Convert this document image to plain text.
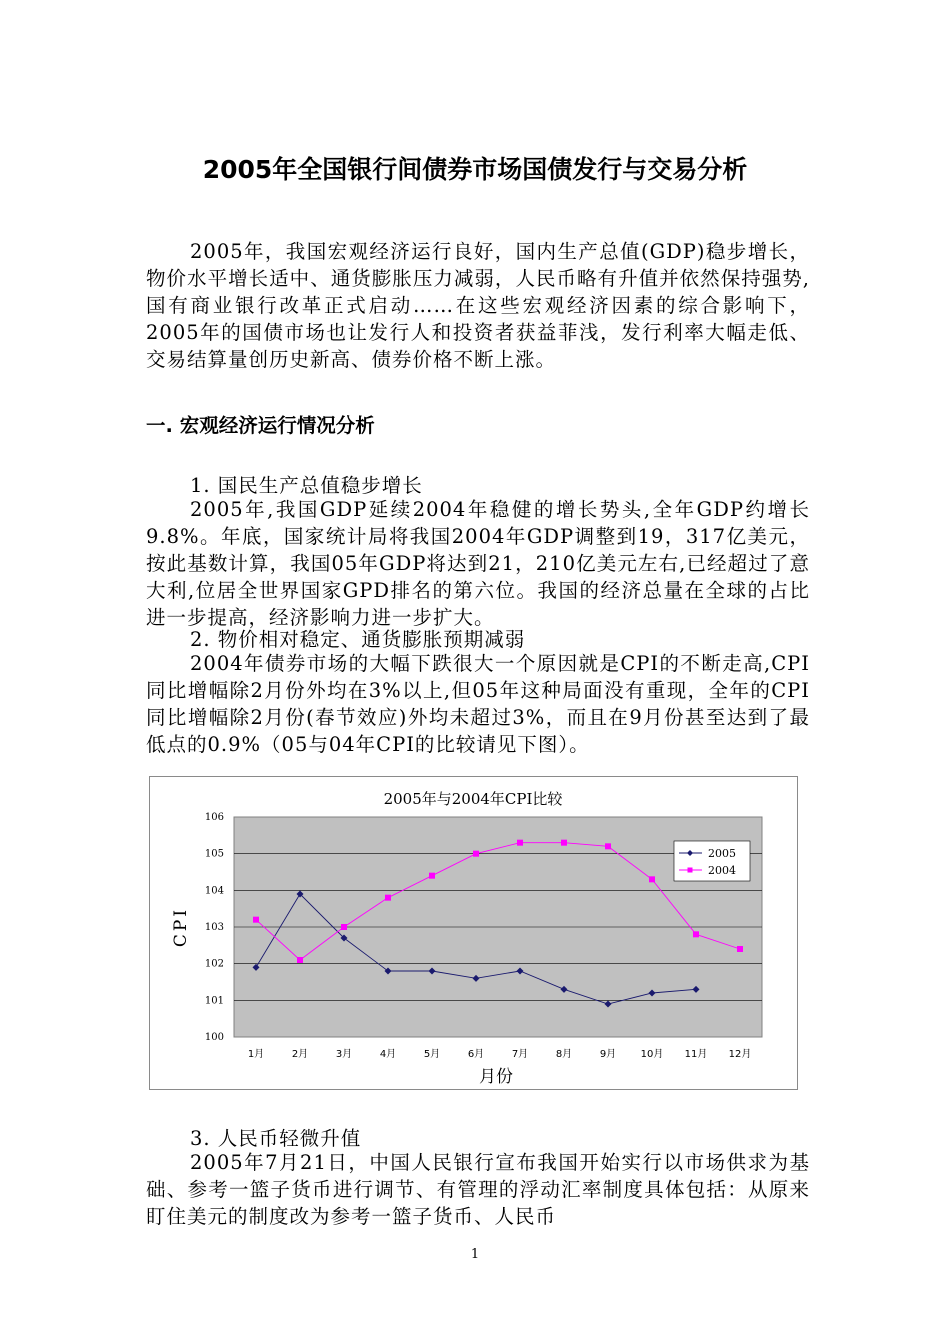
2005年全国银行间债券市场国债发行与交易分析

2005年，我国宏观经济运行良好，国内生产总值(GDP)稳步增长，物价水平增长适中、通货膨胀压力减弱，人民币略有升值并依然保持强势,国有商业银行改革正式启动……在这些宏观经济因素的综合影响下，2005年的国债市场也让发行人和投资者获益菲浅，发行利率大幅走低、交易结算量创历史新高、债券价格不断上涨。

一. 宏观经济运行情况分析

1. 国民生产总值稳步增长

2005年,我国GDP延续2004年稳健的增长势头,全年GDP约增长9.8%。年底，国家统计局将我国2004年GDP调整到19，317亿美元，按此基数计算，我国05年GDP将达到21，210亿美元左右,已经超过了意大利,位居全世界国家GPD排名的第六位。我国的经济总量在全球的占比进一步提高，经济影响力进一步扩大。

2. 物价相对稳定、通货膨胀预期减弱

2004年债券市场的大幅下跌很大一个原因就是CPI的不断走高,CPI同比增幅除2月份外均在3%以上,但05年这种局面没有重现，全年的CPI同比增幅除2月份(春节效应)外均未超过3%，而且在9月份甚至达到了最低点的0.9%（05与04年CPI的比较请见下图）。

2005年与2004年CPI比较
100
101
102
103
104
105
106
1月	2月	3月	4月	5月	6月	7月	8月	9月 10月 11月 12月
CPI
月份
2005
2004

3. 人民币轻微升值

2005年7月21日，中国人民银行宣布我国开始实行以市场供求为基础、参考一篮子货币进行调节、有管理的浮动汇率制度具体包括：从原来盯住美元的制度改为参考一篮子货币、人民币

1
